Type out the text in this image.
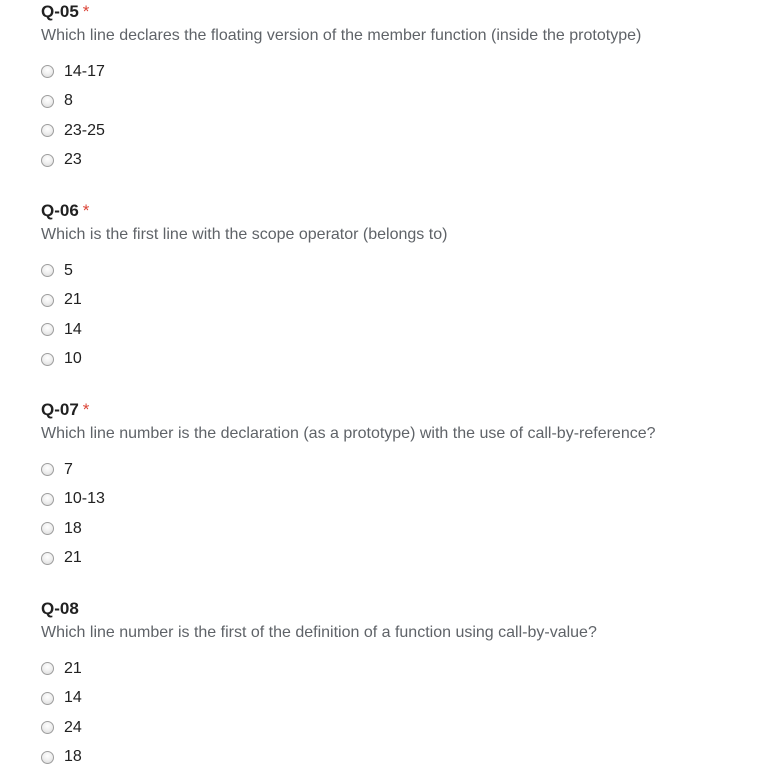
Q-05 *
Which line declares the floating version of the member function (inside the prototype)
14-17
8
23-25
23
Q-06 *
Which is the first line with the scope operator (belongs to)
5
21
14
10
Q-07 *
Which line number is the declaration (as a prototype) with the use of call-by-reference?
7
10-13
18
21
Q-08
Which line number is the first of the definition of a function using call-by-value?
21
14
24
18
